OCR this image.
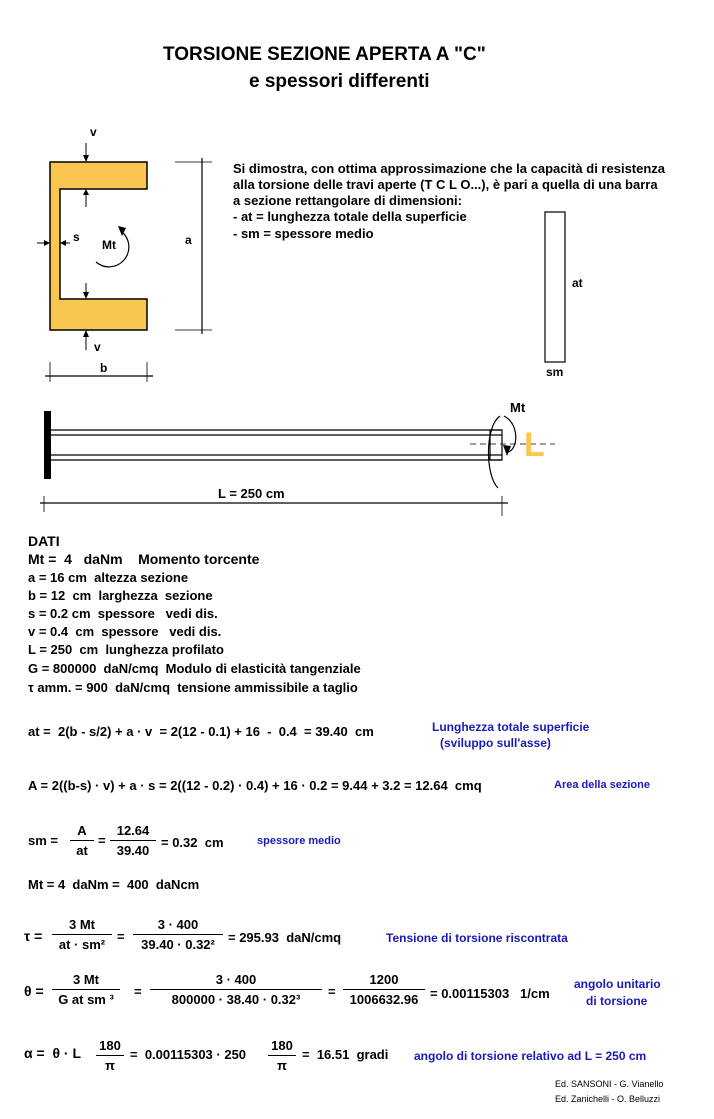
TORSIONE SEZIONE APERTA A "C"
e spessori differenti
v
s
Mt	a
v
b
at
sm
Mt
L
L = 250 cm
Si dimostra, con ottima approssimazione che la capacità di resistenza
alla torsione delle travi aperte (T C L O...), è pari a quella di una barra
a sezione rettangolare di dimensioni:
- at = lunghezza totale della superficie
- sm = spessore medio
DATI
Mt =  4   daNm    Momento torcente
a = 16 cm  altezza sezione
b = 12  cm  larghezza  sezione
s = 0.2 cm  spessore   vedi dis.
v = 0.4  cm  spessore   vedi dis.
L = 250  cm  lunghezza profilato
G = 800000  daN/cmq  Modulo di elasticità tangenziale
τ amm. = 900  daN/cmq  tensione ammissibile a taglio
at =  2(b - s/2) + a · v  = 2(12 - 0.1) + 16  -  0.4  = 39.40  cm	Lunghezza totale superficie
(sviluppo sull'asse)
A = 2((b-s) · v) + a · s = 2((12 - 0.2) · 0.4) + 16 · 0.2 = 9.44 + 3.2 = 12.64  cmq	Area della sezione
sm = $\frac{A}{at} = \frac{12.64}{39.40} = 0.32$  cm	spessore medio
Mt = 4  daNm =  400  daNcm
$\tau = \frac{3 Mt}{\text{at · sm²}} = \frac{3 \cdot 400}{\text{39.40 · 0.32²}} = 295.93$  daN/cmq	Tensione di torsione riscontrata
$\theta = \frac{3 Mt}{\text{G at sm ³}} = \frac{3 \cdot 400}{\text{800000 · 38.40 · 0.32³}} = \frac{1200}{1006632.96} = 0.00115303$   1/cm
angolo unitario
di torsione
α =  θ · L $\frac{180}{\pi} = 0.00115303 \cdot 250 \frac{180}{\pi} = 16.51$  gradi angolo di torsione relativo ad L = 250 cm
Ed. SANSONI - G. Vianello
Ed. Zanichelli - O. Belluzzi
